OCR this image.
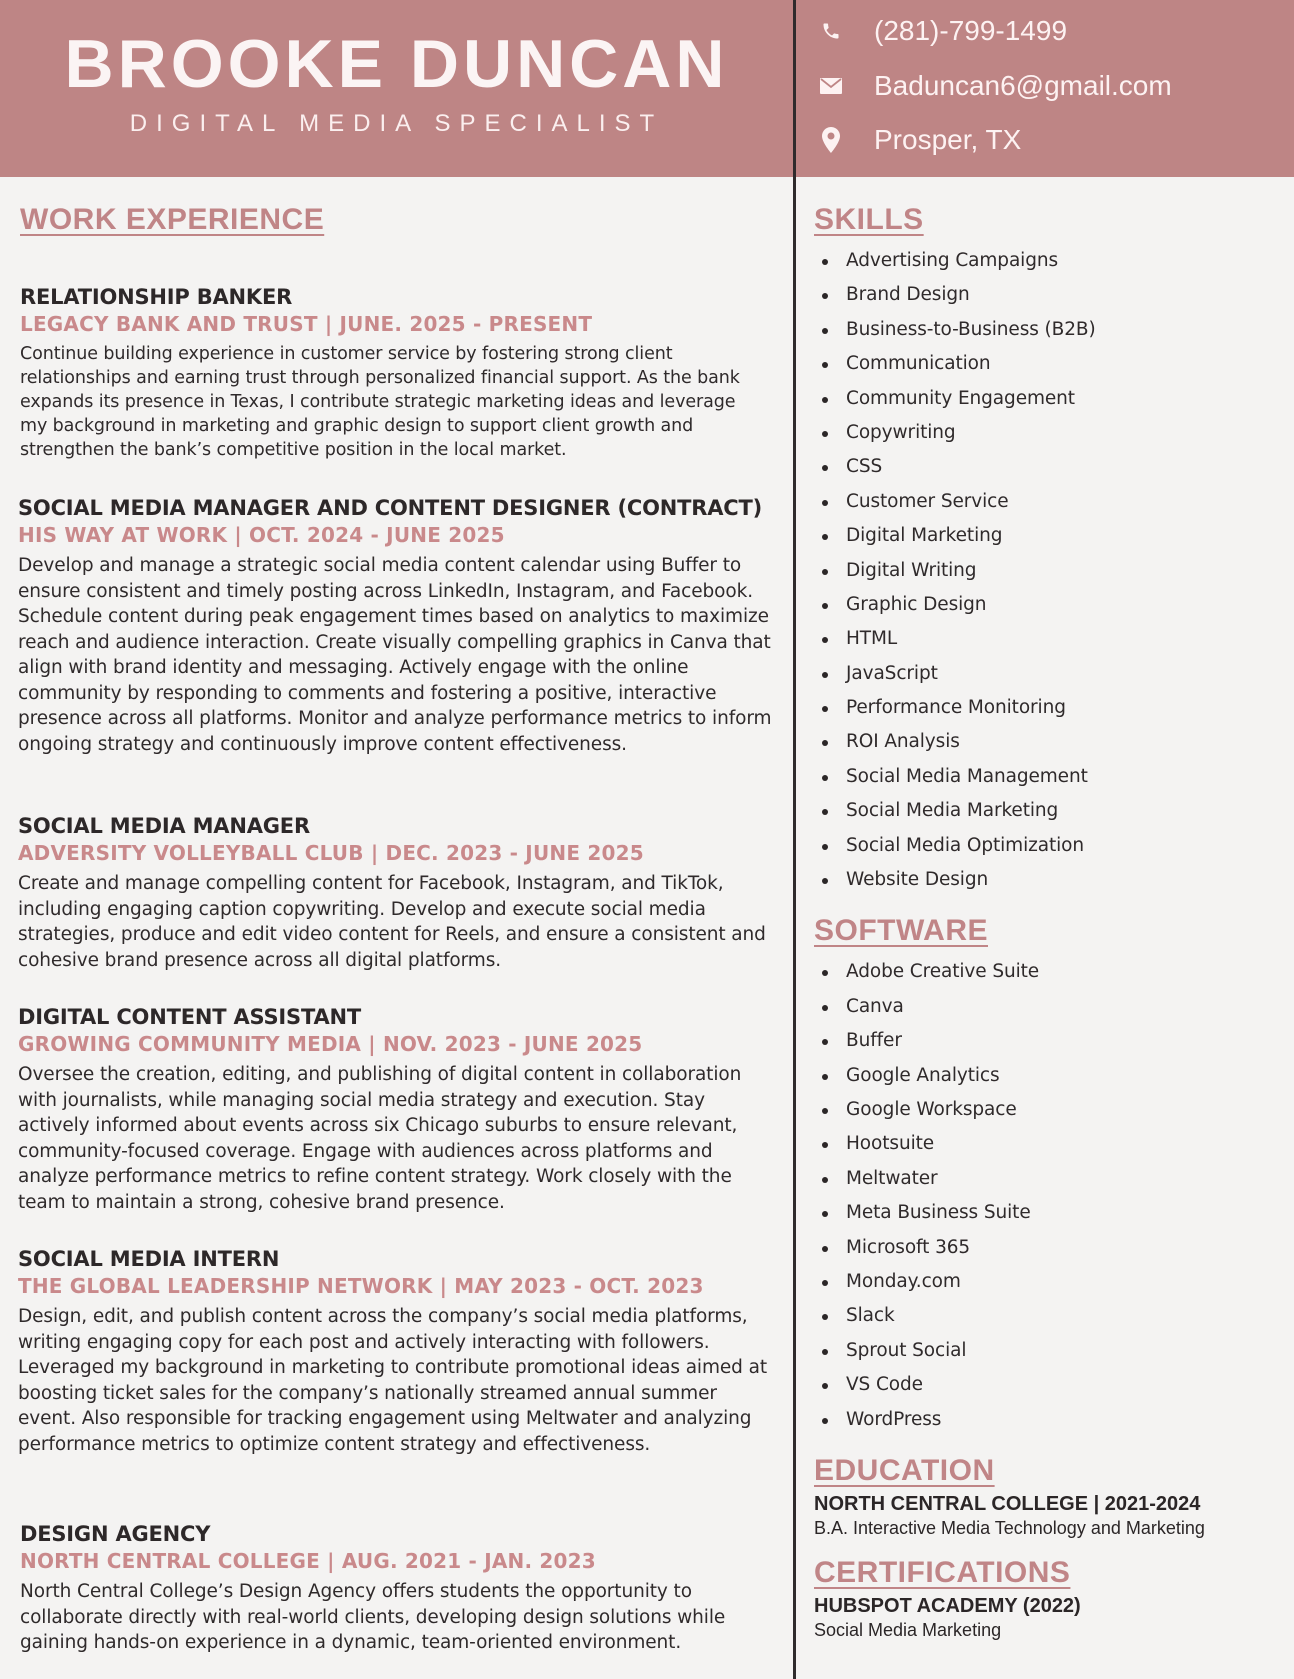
BROOKE DUNCAN
DIGITAL MEDIA SPECIALIST
(281)-799-1499
Baduncan6@gmail.com
Prosper, TX
WORK EXPERIENCE
RELATIONSHIP BANKER
LEGACY BANK AND TRUST | JUNE. 2025 - PRESENT
Continue building experience in customer service by fostering strong client relationships and earning trust through personalized financial support. As the bank expands its presence in Texas, I contribute strategic marketing ideas and leverage my background in marketing and graphic design to support client growth and strengthen the bank’s competitive position in the local market.
SOCIAL MEDIA MANAGER AND CONTENT DESIGNER (CONTRACT)
HIS WAY AT WORK | OCT. 2024 - JUNE 2025
Develop and manage a strategic social media content calendar using Buffer to ensure consistent and timely posting across LinkedIn, Instagram, and Facebook. Schedule content during peak engagement times based on analytics to maximize reach and audience interaction. Create visually compelling graphics in Canva that align with brand identity and messaging. Actively engage with the online community by responding to comments and fostering a positive, interactive presence across all platforms. Monitor and analyze performance metrics to inform ongoing strategy and continuously improve content effectiveness.
SOCIAL MEDIA MANAGER
ADVERSITY VOLLEYBALL CLUB | DEC. 2023 - JUNE 2025
Create and manage compelling content for Facebook, Instagram, and TikTok, including engaging caption copywriting. Develop and execute social media strategies, produce and edit video content for Reels, and ensure a consistent and cohesive brand presence across all digital platforms.
DIGITAL CONTENT ASSISTANT
GROWING COMMUNITY MEDIA | NOV. 2023 - JUNE 2025
Oversee the creation, editing, and publishing of digital content in collaboration with journalists, while managing social media strategy and execution. Stay actively informed about events across six Chicago suburbs to ensure relevant, community-focused coverage. Engage with audiences across platforms and analyze performance metrics to refine content strategy. Work closely with the team to maintain a strong, cohesive brand presence.
SOCIAL MEDIA INTERN
THE GLOBAL LEADERSHIP NETWORK | MAY 2023 - OCT. 2023
Design, edit, and publish content across the company’s social media platforms, writing engaging copy for each post and actively interacting with followers. Leveraged my background in marketing to contribute promotional ideas aimed at boosting ticket sales for the company’s nationally streamed annual summer event. Also responsible for tracking engagement using Meltwater and analyzing performance metrics to optimize content strategy and effectiveness.
DESIGN AGENCY
NORTH CENTRAL COLLEGE | AUG. 2021 - JAN. 2023
North Central College’s Design Agency offers students the opportunity to collaborate directly with real-world clients, developing design solutions while gaining hands-on experience in a dynamic, team-oriented environment.
SKILLS
Advertising Campaigns
Brand Design
Business-to-Business (B2B)
Communication
Community Engagement
Copywriting
CSS
Customer Service
Digital Marketing
Digital Writing
Graphic Design
HTML
JavaScript
Performance Monitoring
ROI Analysis
Social Media Management
Social Media Marketing
Social Media Optimization
Website Design
SOFTWARE
Adobe Creative Suite
Canva
Buffer
Google Analytics
Google Workspace
Hootsuite
Meltwater
Meta Business Suite
Microsoft 365
Monday.com
Slack
Sprout Social
VS Code
WordPress
EDUCATION
NORTH CENTRAL COLLEGE | 2021-2024
B.A. Interactive Media Technology and Marketing
CERTIFICATIONS
HUBSPOT ACADEMY (2022)
Social Media Marketing
